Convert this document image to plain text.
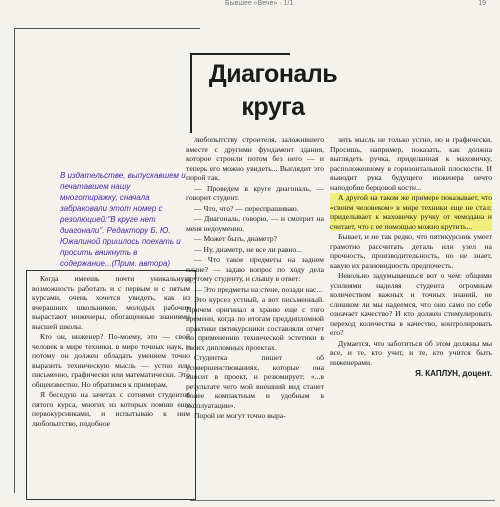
Бывшее «Вече» · 1/1	19
Диагональ
круга
В издательстве, выпускавшем и печатавшем нашу многотиражку, сначала забраковали этот номер с резолюцией:"В круге нет диагонали". Редактору Б. Ю. Южалиной пришлось поехать и просить вникнуть в содержание...(Прим. автора)

Когда имеешь почти уникальную возможность работать и с первым и с пятым курсами, очень хочется увидеть, как из вчерашних школьников, молодых рабочих вырастают инженеры, обогащенные знаниями высшей школы.

Кто он, инженер? По-моему, это — свой человек в мире техники, в мире точных наук, и потому он должен обладать умением точно выразить техническую мысль — устно или письменно, графически или математически. Это общеизвестно. Но обратимся к примерам.

Я беседую на зачетах с сотнями студентов пятого курса, многих из которых помню еще первокурсниками, и испытываю к ним любопытство, подобное

любопытству строителя, заложившего вместе с другими фундамент здания, которое строили потом без него — и теперь его можно увидеть... Выглядит это порой так.

— Проведем в круге диагональ, — говорит студент.

— Что, что? — переспрашиваю.

— Диагональ, говорю, — и смотрит на меня недоуменно.

— Может быть, диаметр?

— Ну, диаметр, не все ли равно...

— Что такое предметы на заднем плане? — задаю вопрос по ходу дела другому студенту, и слышу в ответ:

— Это предметы на стене, позади нас...

Это курсез устный, а вот письменный. Причем оригинал я храню еще с того времени, когда по итогам преддипломной практики пятикурсники составляли отчет по применению технической эстетики в своих дипломных проектах.

Студентка пишет об усовершенствованиях, которые она вносит в проект, и резюмирует: «...в результате чего мой внешний вид станет более компактным и удобным в эксплуатации».

Порой не могут точно выра-

зить мысль не только устно, но и графически. Просишь, например, показать, как должна выглядеть ручка, приделанная к маховичку, расположенному в горизонтальной плоскости. И выводит рука будущего инженера нечто наподобие берцовой кости...

А другой на таком же примере показывает, что «своим человеком» в мире техники еще не стал: приделывает к маховичку ручку от чемодана и считает, что с ее помощью можно крутить...

Бывает, и не так редко, что пятикурсник умеет грамотно рассчитать деталь или узел на прочность, производительность, но не знает, какую их разновидность предпочесть.

Невольно задумываешься вот о чем: общими усилиями наделяя студента огромным количеством важных и точных знаний, не слишком ли мы надеемся, что оно само по себе означает качество? И кто должен стимулировать переход количества в качество, контролировать его?

Думается, что заботиться об этом должны мы все, и те, кто учит, и те, кто учится быть инженерами.

Я. КАПЛУН, доцент.
